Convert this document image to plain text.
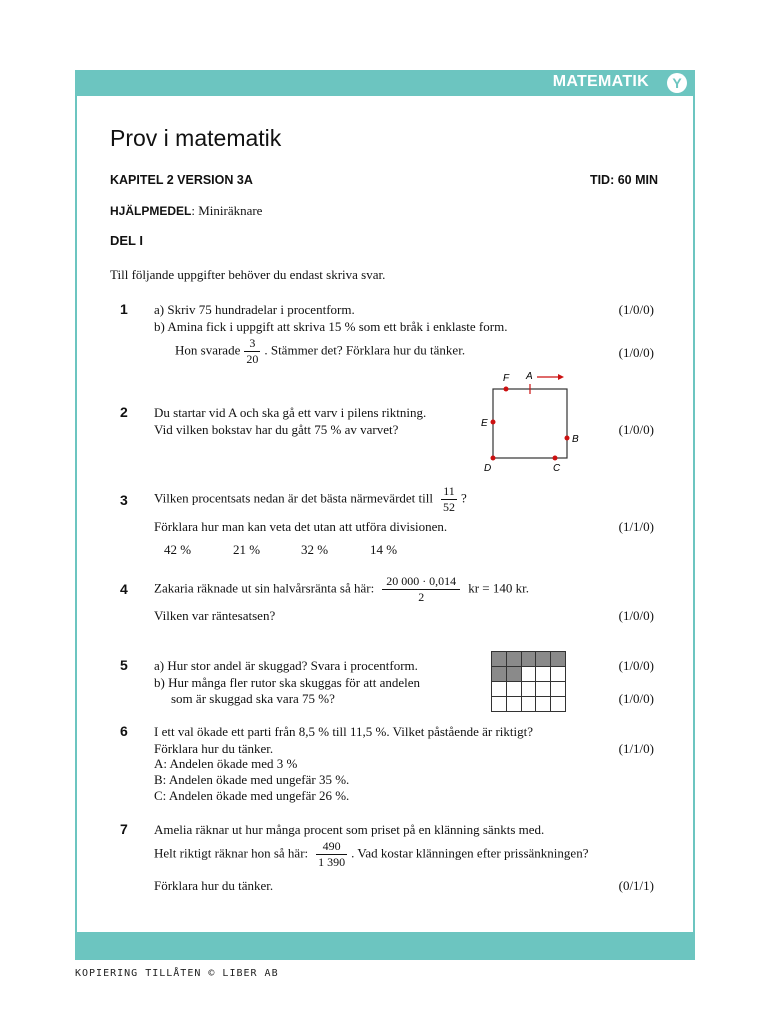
MATEMATIK	Y
Prov i matematik
KAPITEL 2 VERSION 3A	TID: 60 MIN
HJÄLPMEDEL: Miniräknare
DEL I
Till följande uppgifter behöver du endast skriva svar.
1 a) Skriv 75 hundradelar i procentform.	(1/0/0)
b) Amina fick i uppgift att skriva 15 % som ett bråk i enklaste form.
Hon svarade $\frac{3}{20}$ . Stämmer det? Förklara hur du tänker.	(1/0/0)
2 Du startar vid A och ska gå ett varv i pilens riktning.
Vid vilken bokstav har du gått 75 % av varvet?	(1/0/0)
F A
E
B
D	C
3 Vilken procentsats nedan är det bästa närmevärdet till $\frac{11}{52}$ ?
Förklara hur man kan veta det utan att utföra divisionen.	(1/1/0)
42 %	21 %	32 %	14 %
4 Zakaria räknade ut sin halvårsränta så här: $\frac{20 000 \cdot 0,014}{2}$ kr = 140 kr.
Vilken var räntesatsen?	(1/0/0)
5 a) Hur stor andel är skuggad? Svara i procentform.	(1/0/0)
b) Hur många fler rutor ska skuggas för att andelen
som är skuggad ska vara 75 %?	(1/0/0)

6 I ett val ökade ett parti från 8,5 % till 11,5 %. Vilket påstående är riktigt?
Förklara hur du tänker.	(1/1/0)
A: Andelen ökade med 3 %
B: Andelen ökade med ungefär 35 %.
C: Andelen ökade med ungefär 26 %.
7 Amelia räknar ut hur många procent som priset på en klänning sänkts med.
Helt riktigt räknar hon så här: $\frac{490}{1 390}$ . Vad kostar klänningen efter prissänkningen?
Förklara hur du tänker.	(0/1/1)
KOPIERING TILLÅTEN © LIBER AB
